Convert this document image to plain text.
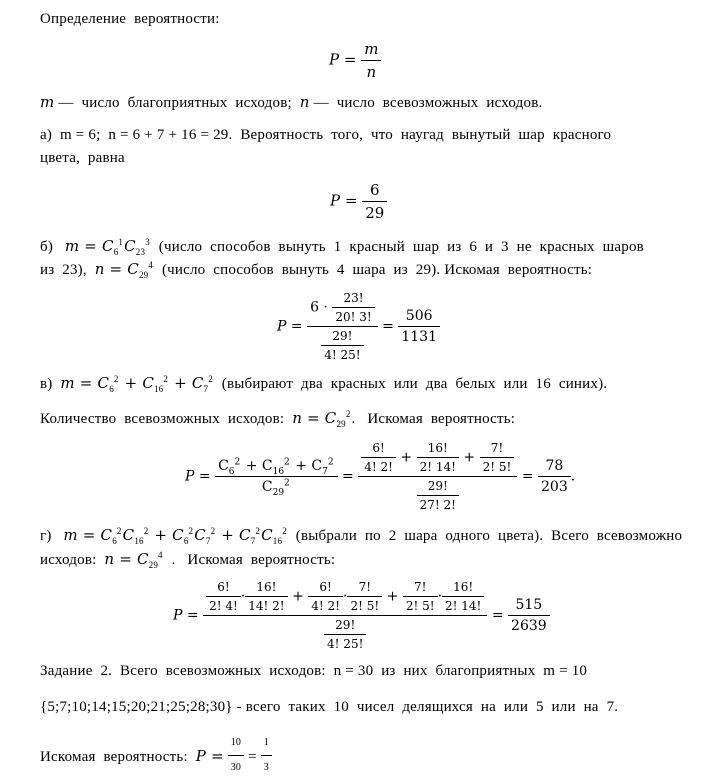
Определение  вероятности:
$P = \frac{m}{n}$
m —  число  благоприятных  исходов;  n —  число  всевозможных  исходов.
а)  m = 6;  n = 6 + 7 + 16 = 29.  Вероятность  того,  что  наугад  вынутый  шар  красного
цвета,  равна
$P = \frac{6}{29}$
б)   $m = C_6^1C_{23}^3$  (число  способов  вынуть  1  красный  шар  из  6  и  3  не  красных  шаров
из  23),  $n = C_{29}^4$  (число  способов  вынуть  4  шара  из  29). Искомая  вероятность:
$P = \frac{6 \cdot \frac{23!}{20! 3!}}{\frac{29!}{4! 25!}} = \frac{506}{1131}$
в)  $m = C_6^2 + C_{16}^2 + C_7^2$  (выбирают  два  красных  или  два  белых  или  16  синих).
Количество  всевозможных  исходов:  $n = C_{29}^2$.   Искомая  вероятность:
$P = \frac{C_6^2 + C_{16}^2 + C_7^2}{C_{29}^2} = \frac{\frac{6!}{4! 2!} + \frac{16!}{2! 14!} + \frac{7!}{2! 5!}}{\frac{29!}{27! 2!}} = \frac{78}{203}$ .
г)   $m = C_6^2C_{16}^2 + C_6^2C_7^2 + C_7^2C_{16}^2$  (выбрали  по  2  шара  одного  цвета).  Всего  всевозможно
исходов:  $n = C_{29}^4$  .   Искомая  вероятность:
P =
$\frac{6!}{2! 4!} \cdot \frac{16!}{14! 2!} + \frac{6!}{4! 2!} \cdot \frac{7!}{2! 5!} + \frac{7!}{2! 5!} \cdot \frac{16!}{2! 14!}$
$\frac{29!}{4! 25!}$
= $\frac{515}{2639}$
Задание  2.  Всего  всевозможных  исходов:  n = 30  из  них  благоприятных  m = 10
{5;7;10;14;15;20;21;25;28;30} - всего  таких  10  чисел  делящихся  на  или  5  или  на  7.
Искомая  вероятность:  $P = \frac{10}{30} = \frac{1}{3}$
